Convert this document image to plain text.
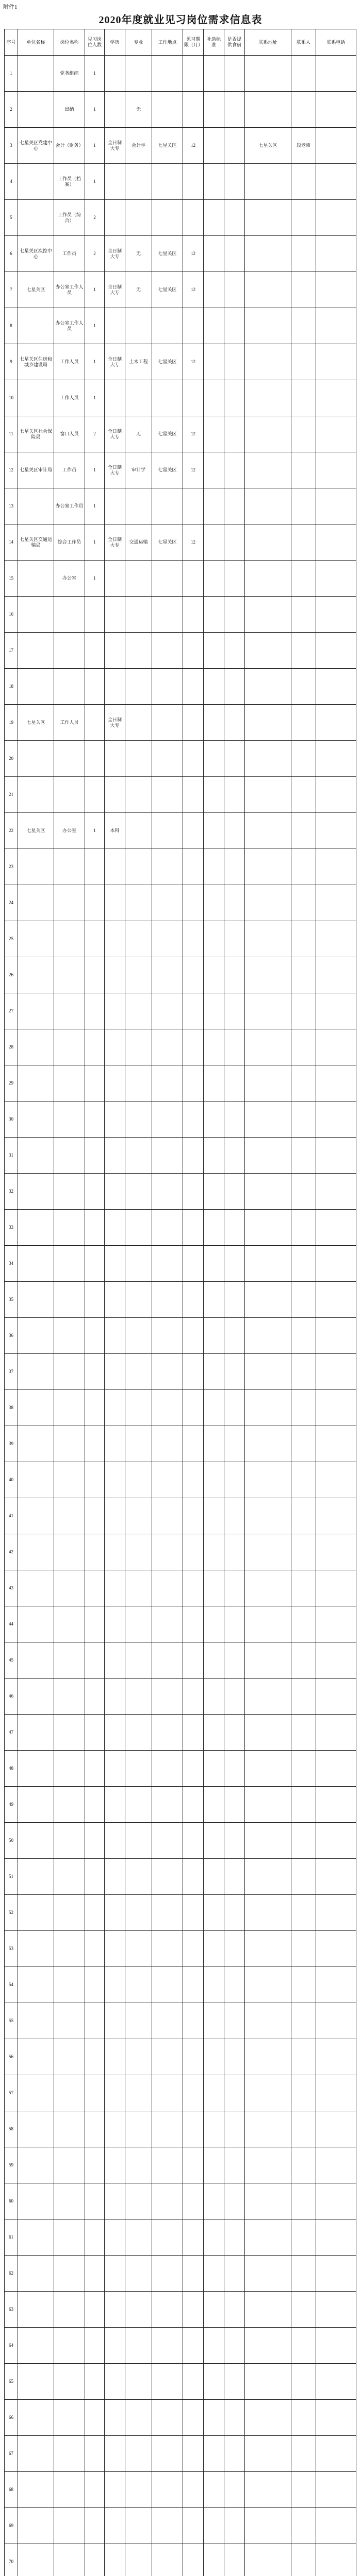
附件1
2020年度就业见习岗位需求信息表
序号	单位名称	岗位名称	见习岗位人数	学历	专业	工作地点	见习期限（月）	补助标准	是否提供食宿	联系地址	联系人	联系电话
1		党务组织	1									
2		出纳	1		无							
3	七星关区党建中心	会计（财务）	1	全日制大专	会计学	七星关区	12			七星关区	段老师	
4		工作员（档案）	1									
5		工作员（综合）	2									
6	七星关区疾控中心	工作员	2	全日制大专	无	七星关区	12					
7	七星关区	办公室工作人员	1	全日制大专	无	七星关区	12					
8		办公室工作人员	1									
9	七星关区住房和城乡建设局	工作人员	1	全日制大专	土木工程	七星关区	12					
10		工作人员	1									
11	七星关区社会保险局	窗口人员	2	全日制大专	无	七星关区	12					
12	七星关区审计局	工作员	1	全日制大专	审计学	七星关区	12					
13		办公室工作员	1									
14	七星关区交通运输局	综合工作员	1	全日制大专	交通运输	七星关区	12					
15		办公室	1									
16												
17												
18												
19	七星关区	工作人员		全日制大专								
20												
21												
22	七星关区	办公室	1	本科								
23												
24												
25												
26												
27												
28												
29												
30												
31												
32												
33												
34												
35												
36												
37												
38												
39												
40												
41												
42												
43												
44												
45												
46												
47												
48												
49												
50												
51												
52												
53												
54												
55												
56												
57												
58												
59												
60												
61												
62												
63												
64												
65												
66												
67												
68												
69												
70												
